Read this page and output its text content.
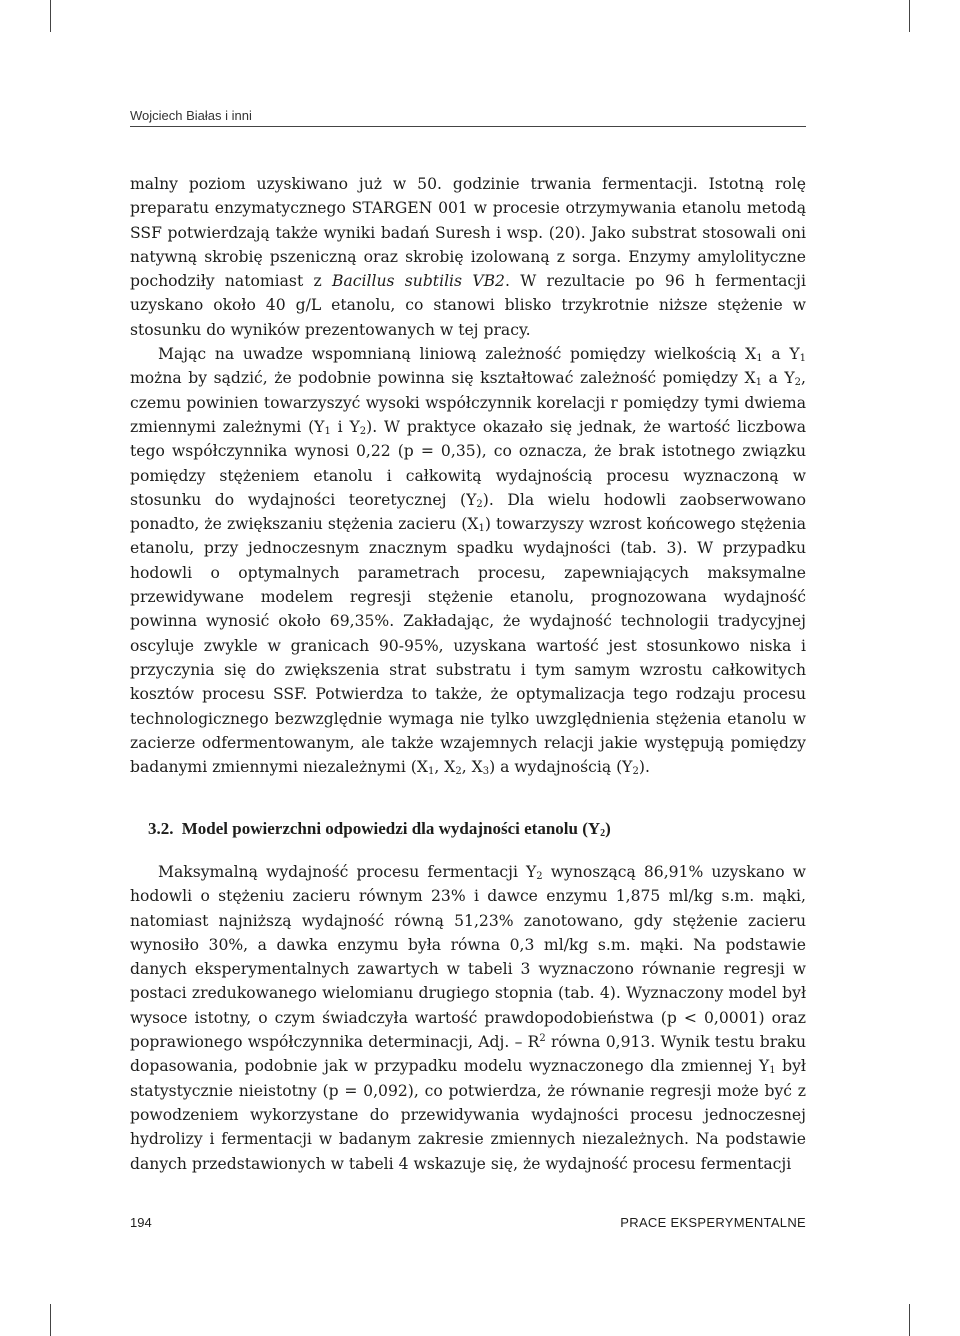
Wojciech Białas i inni

malny poziom uzyskiwano już w 50. godzinie trwania fermentacji. Istotną rolę preparatu enzymatycznego STARGEN 001 w procesie otrzymywania etanolu metodą SSF potwierdzają także wyniki badań Suresh i wsp. (20). Jako substrat stosowali oni natywną skrobię pszeniczną oraz skrobię izolowaną z sorga. Enzymy amylolityczne pochodziły natomiast z Bacillus subtilis VB2. W rezultacie po 96 h fermentacji uzyskano około 40 g/L etanolu, co stanowi blisko trzykrotnie niższe stężenie w stosunku do wyników prezentowanych w tej pracy.

Mając na uwadze wspomnianą liniową zależność pomiędzy wielkością $X_1$ a $Y_1$ można by sądzić, że podobnie powinna się kształtować zależność pomiędzy $X_1$ a $Y_2$, czemu powinien towarzyszyć wysoki współczynnik korelacji r pomiędzy tymi dwiema zmiennymi zależnymi ($Y_1$ i $Y_2$). W praktyce okazało się jednak, że wartość liczbowa tego współczynnika wynosi 0,22 (p = 0,35), co oznacza, że brak istotnego związku pomiędzy stężeniem etanolu i całkowitą wydajnością procesu wyznaczoną w stosunku do wydajności teoretycznej $(Y_2)$. Dla wielu hodowli zaobserwowano ponadto, że zwiększaniu stężenia zacieru $(X_1)$ towarzyszy wzrost końcowego stężenia etanolu, przy jednoczesnym znacznym spadku wydajności (tab. 3). W przypadku hodowli o optymalnych parametrach procesu, zapewniających maksymalne przewidywane modelem regresji stężenie etanolu, prognozowana wydajność powinna wynosić około 69,35%. Zakładając, że wydajność technologii tradycyjnej oscyluje zwykle w granicach 90-95%, uzyskana wartość jest stosunkowo niska i przyczynia się do zwiększenia strat substratu i tym samym wzrostu całkowitych kosztów procesu SSF. Potwierdza to także, że optymalizacja tego rodzaju procesu technologicznego bezwzględnie wymaga nie tylko uwzględnienia stężenia etanolu w zacierze odfermentowanym, ale także wzajemnych relacji jakie występują pomiędzy badanymi zmiennymi niezależnymi ($X_1$, $X_2$, $X_3$) a wydajnością $(Y_2)$.

3.2. Model powierzchni odpowiedzi dla wydajności etanolu $(Y_2)$

Maksymalną wydajność procesu fermentacji $Y_2$ wynoszącą 86,91% uzyskano w hodowli o stężeniu zacieru równym 23% i dawce enzymu 1,875 ml/kg s.m. mąki, natomiast najniższą wydajność równą 51,23% zanotowano, gdy stężenie zacieru wynosiło 30%, a dawka enzymu była równa 0,3 ml/kg s.m. mąki. Na podstawie danych eksperymentalnych zawartych w tabeli 3 wyznaczono równanie regresji w postaci zredukowanego wielomianu drugiego stopnia (tab. 4). Wyznaczony model był wysoce istotny, o czym świadczyła wartość prawdopodobieństwa (p < 0,0001) oraz poprawionego współczynnika determinacji, Adj. – $R^2$ równa 0,913. Wynik testu braku dopasowania, podobnie jak w przypadku modelu wyznaczonego dla zmiennej $Y_1$ był statystycznie nieistotny (p = 0,092), co potwierdza, że równanie regresji może być z powodzeniem wykorzystane do przewidywania wydajności procesu jednoczesnej hydrolizy i fermentacji w badanym zakresie zmiennych niezależnych. Na podstawie danych przedstawionych w tabeli 4 wskazuje się, że wydajność procesu fermentacji

194	PRACE EKSPERYMENTALNE
